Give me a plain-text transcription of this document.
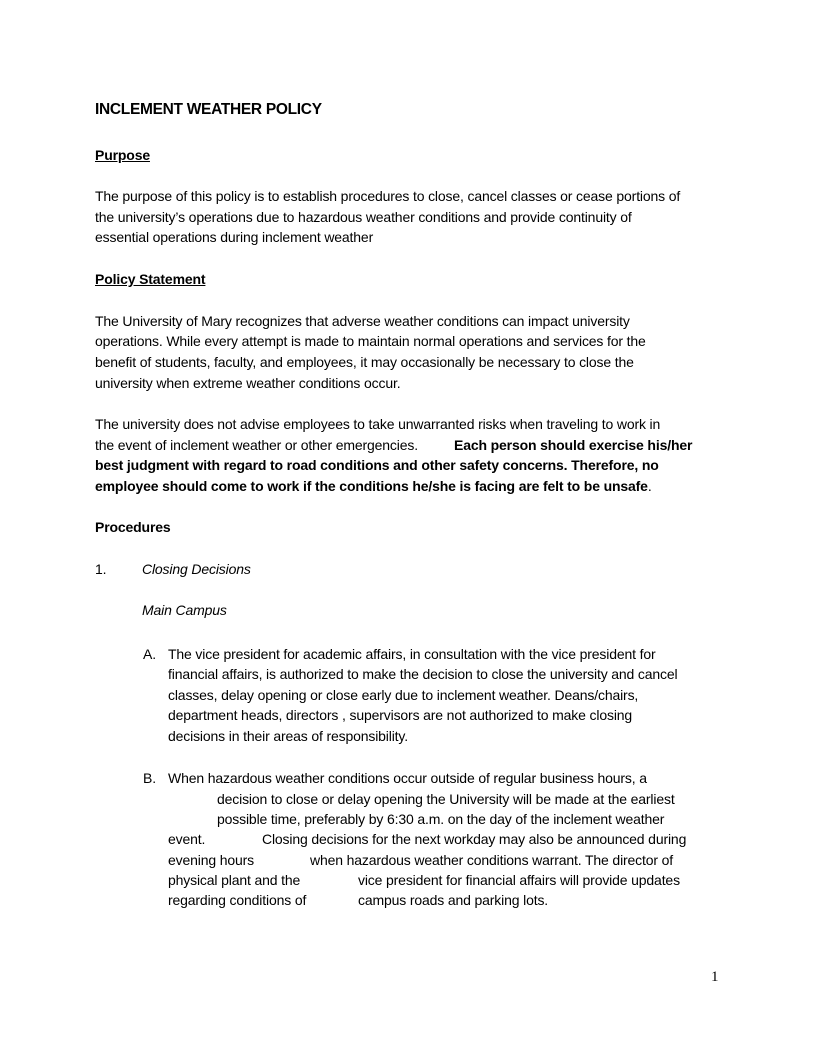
INCLEMENT WEATHER POLICY
Purpose
The purpose of this policy is to establish procedures to close, cancel classes or cease portions of
the university’s operations due to hazardous weather conditions and provide continuity of
essential operations during inclement weather
Policy Statement
The University of Mary recognizes that adverse weather conditions can impact university
operations. While every attempt is made to maintain normal operations and services for the
benefit of students, faculty, and employees, it may occasionally be necessary to close the
university when extreme weather conditions occur.
The university does not advise employees to take unwarranted risks when traveling to work in
the event of inclement weather or other emergencies.	Each person should exercise his/her
best judgment with regard to road conditions and other safety concerns. Therefore, no
employee should come to work if the conditions he/she is facing are felt to be unsafe.
Procedures
1.	Closing Decisions
Main Campus
A. The vice president for academic affairs, in consultation with the vice president for
financial affairs, is authorized to make the decision to close the university and cancel
classes, delay opening or close early due to inclement weather. Deans/chairs,
department heads, directors , supervisors are not authorized to make closing
decisions in their areas of responsibility.
B. When hazardous weather conditions occur outside of regular business hours, a
decision to close or delay opening the University will be made at the earliest
possible time, preferably by 6:30 a.m. on the day of the inclement weather
event.	Closing decisions for the next workday may also be announced during
evening hours	when hazardous weather conditions warrant. The director of
physical plant and the	vice president for financial affairs will provide updates
regarding conditions of	campus roads and parking lots.
1
